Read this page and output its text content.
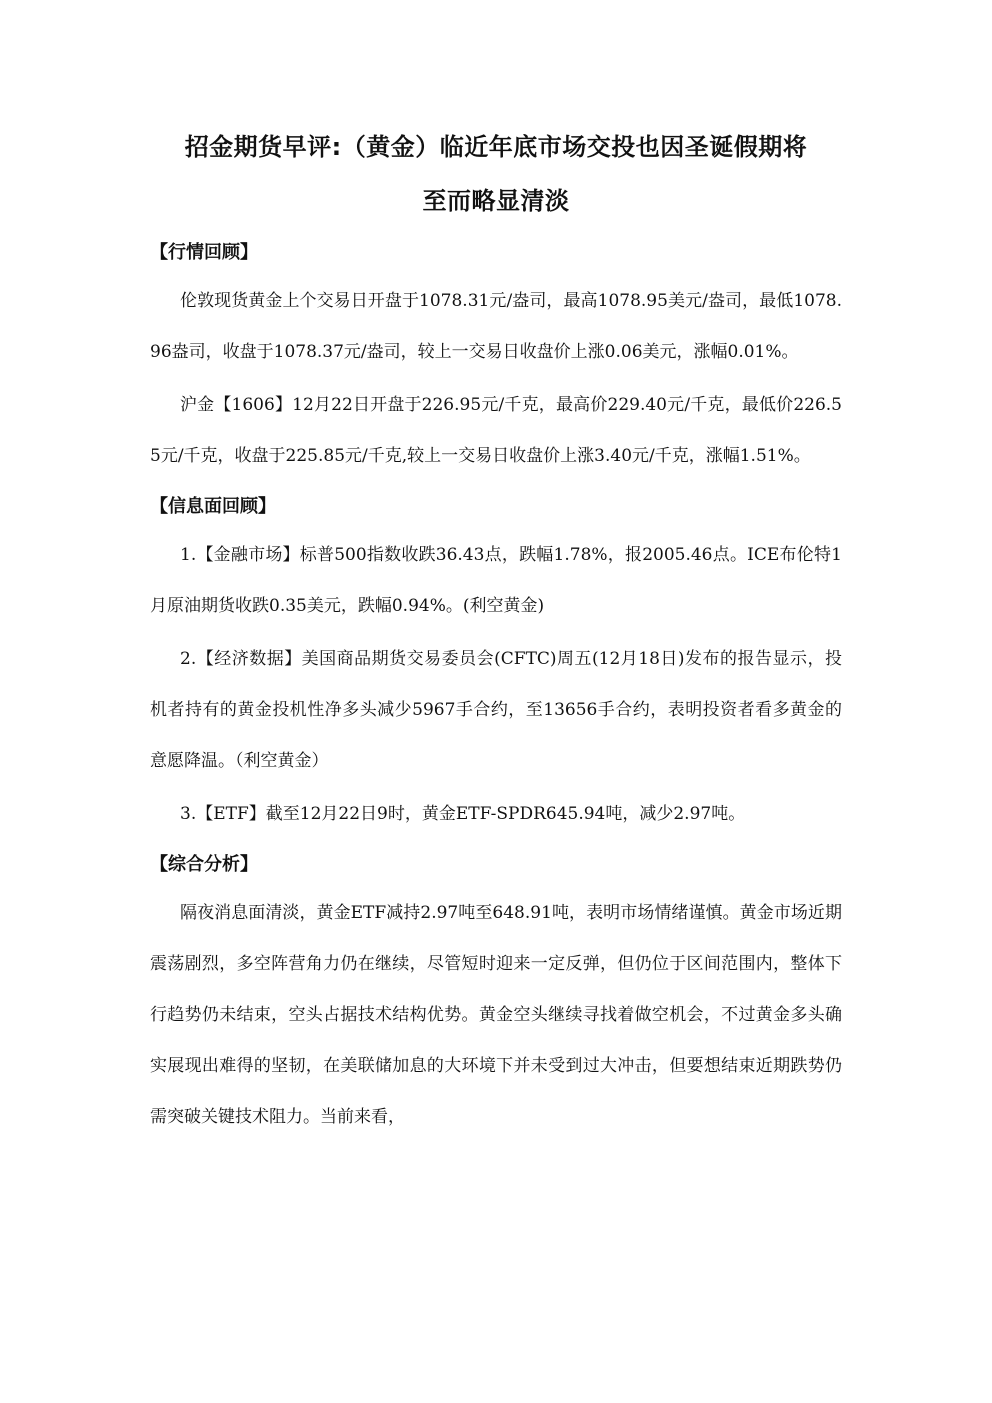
招金期货早评:（黄金）临近年底市场交投也因圣诞假期将
至而略显清淡
【行情回顾】

伦敦现货黄金上个交易日开盘于1078.31元/盎司，最高1078.95美元/盎司，最低1078.96盎司，收盘于1078.37元/盎司，较上一交易日收盘价上涨0.06美元，涨幅0.01%。

沪金【1606】12月22日开盘于226.95元/千克，最高价229.40元/千克，最低价226.55元/千克，收盘于225.85元/千克,较上一交易日收盘价上涨3.40元/千克，涨幅1.51%。

【信息面回顾】

1.【金融市场】标普500指数收跌36.43点，跌幅1.78%，报2005.46点。ICE布伦特1月原油期货收跌0.35美元，跌幅0.94%。(利空黄金)

2.【经济数据】美国商品期货交易委员会(CFTC)周五(12月18日)发布的报告显示，投机者持有的黄金投机性净多头减少5967手合约，至13656手合约，表明投资者看多黄金的意愿降温。（利空黄金）

3.【ETF】截至12月22日9时，黄金ETF-SPDR645.94吨，减少2.97吨。

【综合分析】

隔夜消息面清淡，黄金ETF减持2.97吨至648.91吨，表明市场情绪谨慎。黄金市场近期震荡剧烈，多空阵营角力仍在继续，尽管短时迎来一定反弹，但仍位于区间范围内，整体下行趋势仍未结束，空头占据技术结构优势。黄金空头继续寻找着做空机会，不过黄金多头确实展现出难得的坚韧，在美联储加息的大环境下并未受到过大冲击，但要想结束近期跌势仍需突破关键技术阻力。当前来看，
